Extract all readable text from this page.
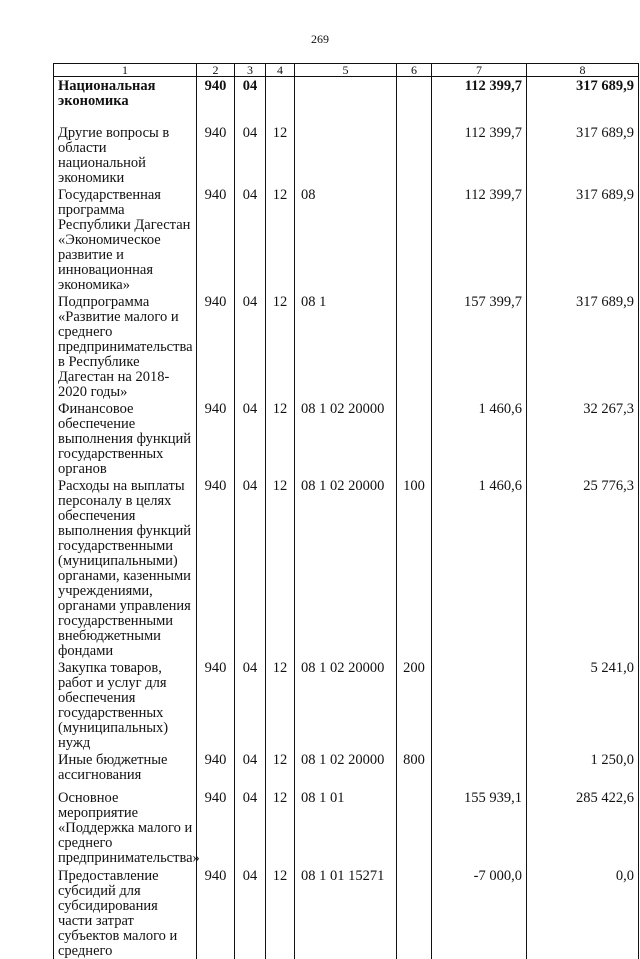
269
1	2	3	4	5	6	7	8
Национальная экономика	940	04				112 399,7	317 689,9
Другие вопросы в области национальной экономики	940	04	12			112 399,7	317 689,9
Государственная программа Республики Дагестан «Экономическое развитие и инновационная экономика»	940	04	12	08		112 399,7	317 689,9
Подпрограмма «Развитие малого и среднего предпринимательства в Республике Дагестан на 2018-2020 годы»	940	04	12	08 1		157 399,7	317 689,9
Финансовое обеспечение выполнения функций государственных органов	940	04	12	08 1 02 20000		1 460,6	32 267,3
Расходы на выплаты персоналу в целях обеспечения выполнения функций государственными (муниципальными) органами, казенными учреждениями, органами управления государственными внебюджетными фондами	940	04	12	08 1 02 20000	100	1 460,6	25 776,3
Закупка товаров, работ и услуг для обеспечения государственных (муниципальных) нужд	940	04	12	08 1 02 20000	200		5 241,0
Иные бюджетные ассигнования	940	04	12	08 1 02 20000	800		1 250,0
Основное мероприятие «Поддержка малого и среднего предпринимательства»	940	04	12	08 1 01		155 939,1	285 422,6
Предоставление субсидий для субсидирования части затрат субъектов малого и среднего	940	04	12	08 1 01 15271		-7 000,0	0,0
